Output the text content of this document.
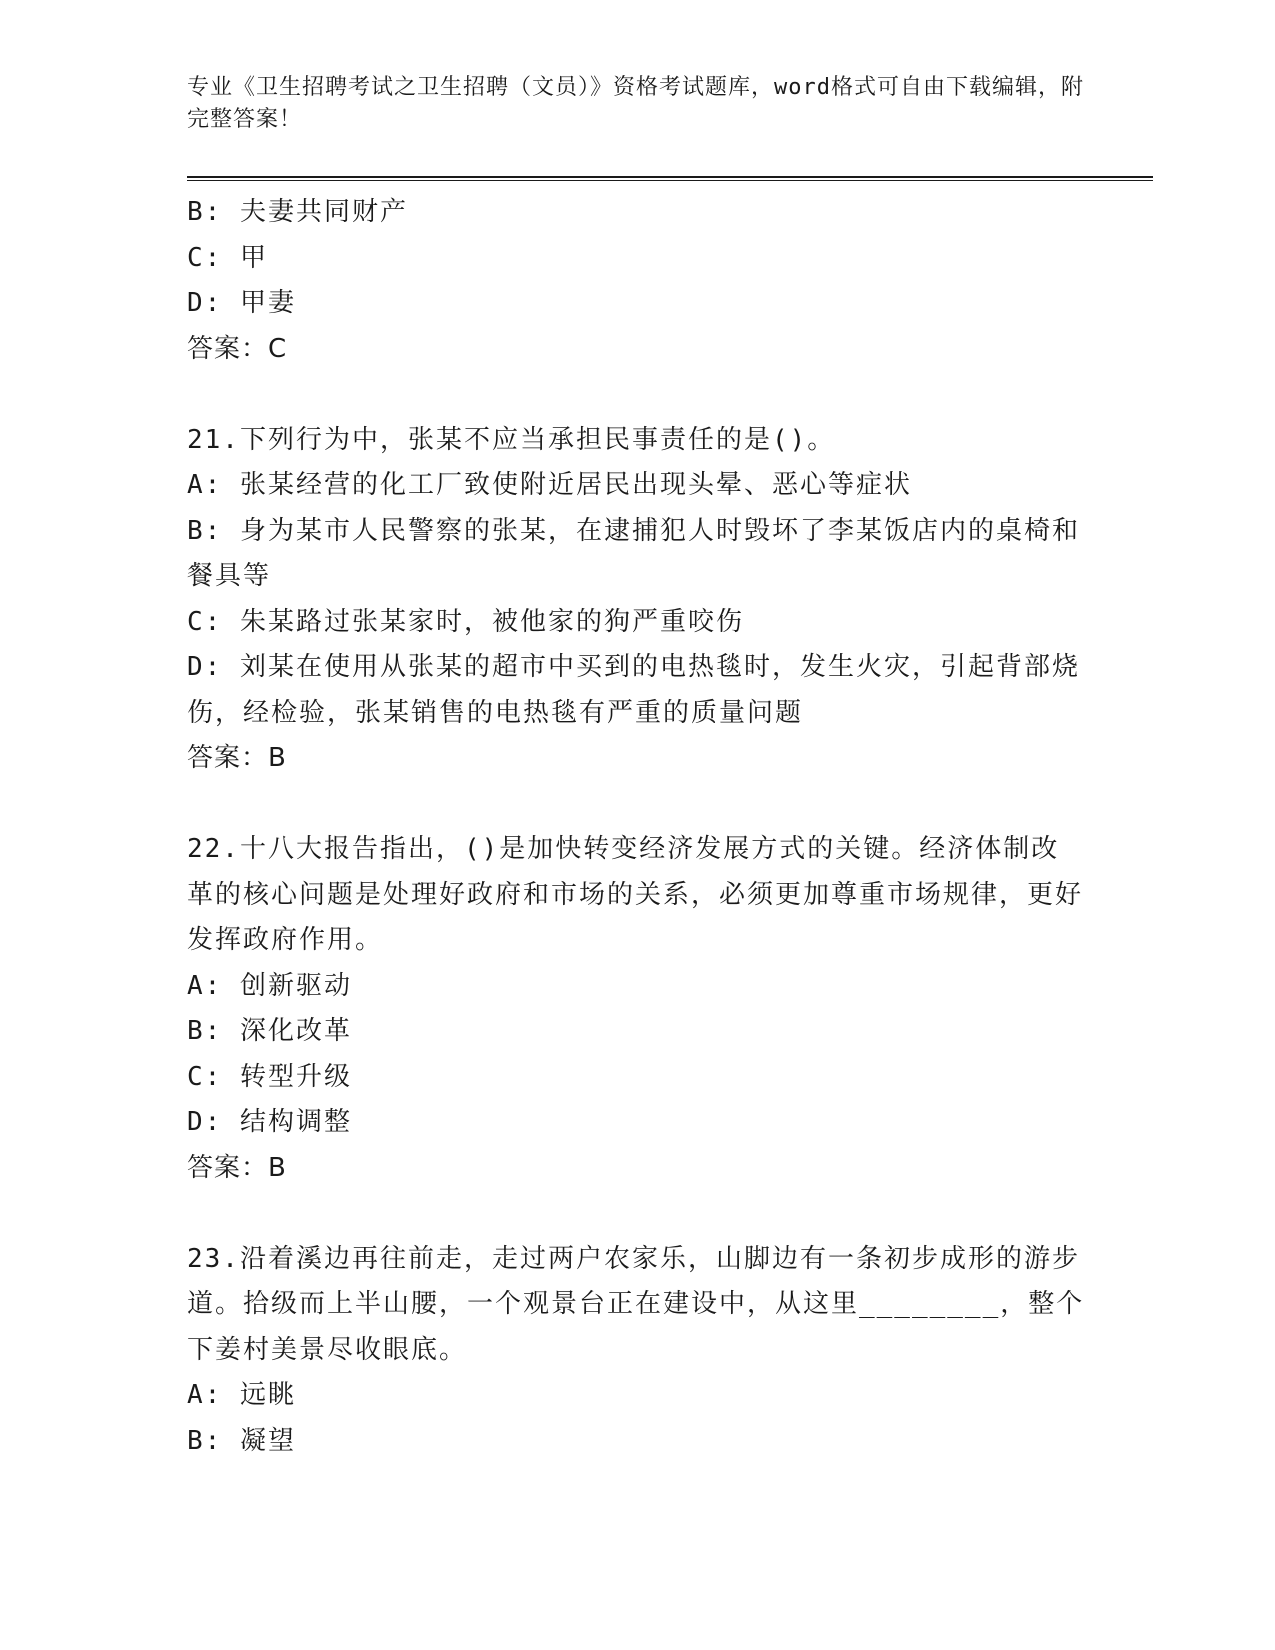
专业《卫生招聘考试之卫生招聘（文员）》资格考试题库，word格式可自由下载编辑，附完整答案！

B: 夫妻共同财产

C: 甲

D: 甲妻

答案：C

21.下列行为中，张某不应当承担民事责任的是()。

A: 张某经营的化工厂致使附近居民出现头晕、恶心等症状

B: 身为某市人民警察的张某，在逮捕犯人时毁坏了李某饭店内的桌椅和餐具等

C: 朱某路过张某家时，被他家的狗严重咬伤

D: 刘某在使用从张某的超市中买到的电热毯时，发生火灾，引起背部烧伤，经检验，张某销售的电热毯有严重的质量问题

答案：B

22.十八大报告指出，()是加快转变经济发展方式的关键。经济体制改革的核心问题是处理好政府和市场的关系，必须更加尊重市场规律，更好发挥政府作用。

A: 创新驱动

B: 深化改革

C: 转型升级

D: 结构调整

答案：B

23.沿着溪边再往前走，走过两户农家乐，山脚边有一条初步成形的游步道。拾级而上半山腰，一个观景台正在建设中，从这里________，整个下姜村美景尽收眼底。

A: 远眺

B: 凝望
